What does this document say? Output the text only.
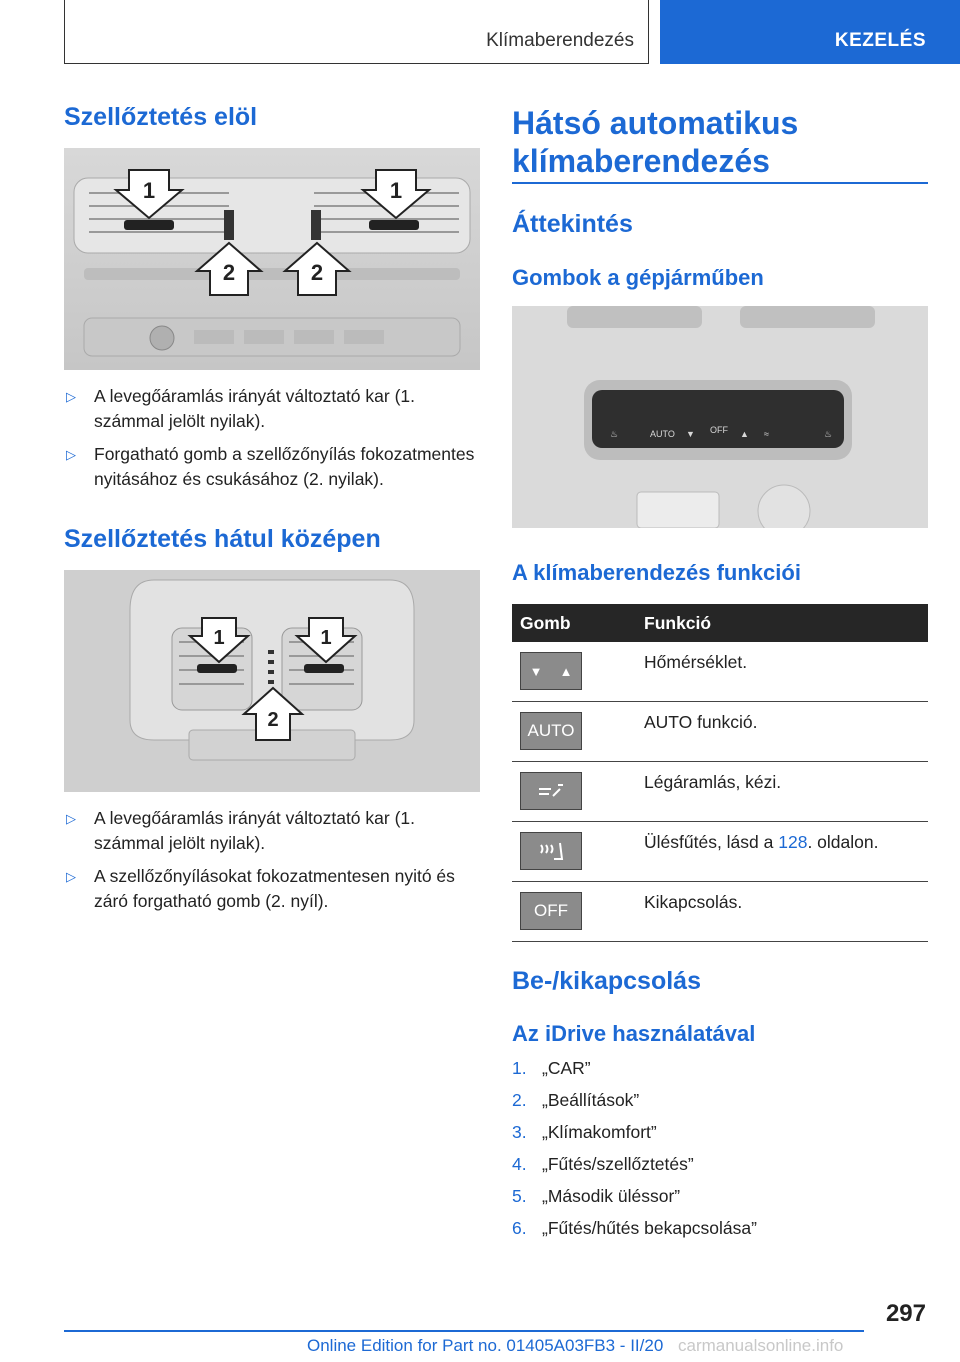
Klímaberendezés	KEZELÉS
Szellőztetés elöl
1	1
2	2
▷ A levegőáramlás irányát változtató kar (1. számmal jelölt nyilak).
▷ Forgatható gomb a szellőzőnyílás fokozatmentes nyitásához és csukásához (2. nyilak).
Szellőztetés hátul középen
1	1
2
▷ A levegőáramlás irányát változtató kar (1. számmal jelölt nyilak).
▷ A szellőzőnyílásokat fokozatmentesen nyitó és záró forgatható gomb (2. nyíl).
Hátsó automatikus
klímaberendezés
Áttekintés
Gombok a gépjárműben
AUTO	OFF
♨	▼	▲ ≈	♨
A klímaberendezés funkciói
Gomb	Funkció

▼ ▲	Hőmérséklet.

AUTO	AUTO funkció.

	Légáramlás, kézi.

	Ülésfűtés, lásd a 128. oldalon.

OFF	Kikapcsolás.
Be-/kikapcsolás
Az iDrive használatával
1. „CAR”
2. „Beállítások”
3. „Klímakomfort”
4. „Fűtés/szellőztetés”
5. „Második üléssor”
6. „Fűtés/hűtés bekapcsolása”
297
Online Edition for Part no. 01405A03FB3 - II/20 carmanualsonline.info
